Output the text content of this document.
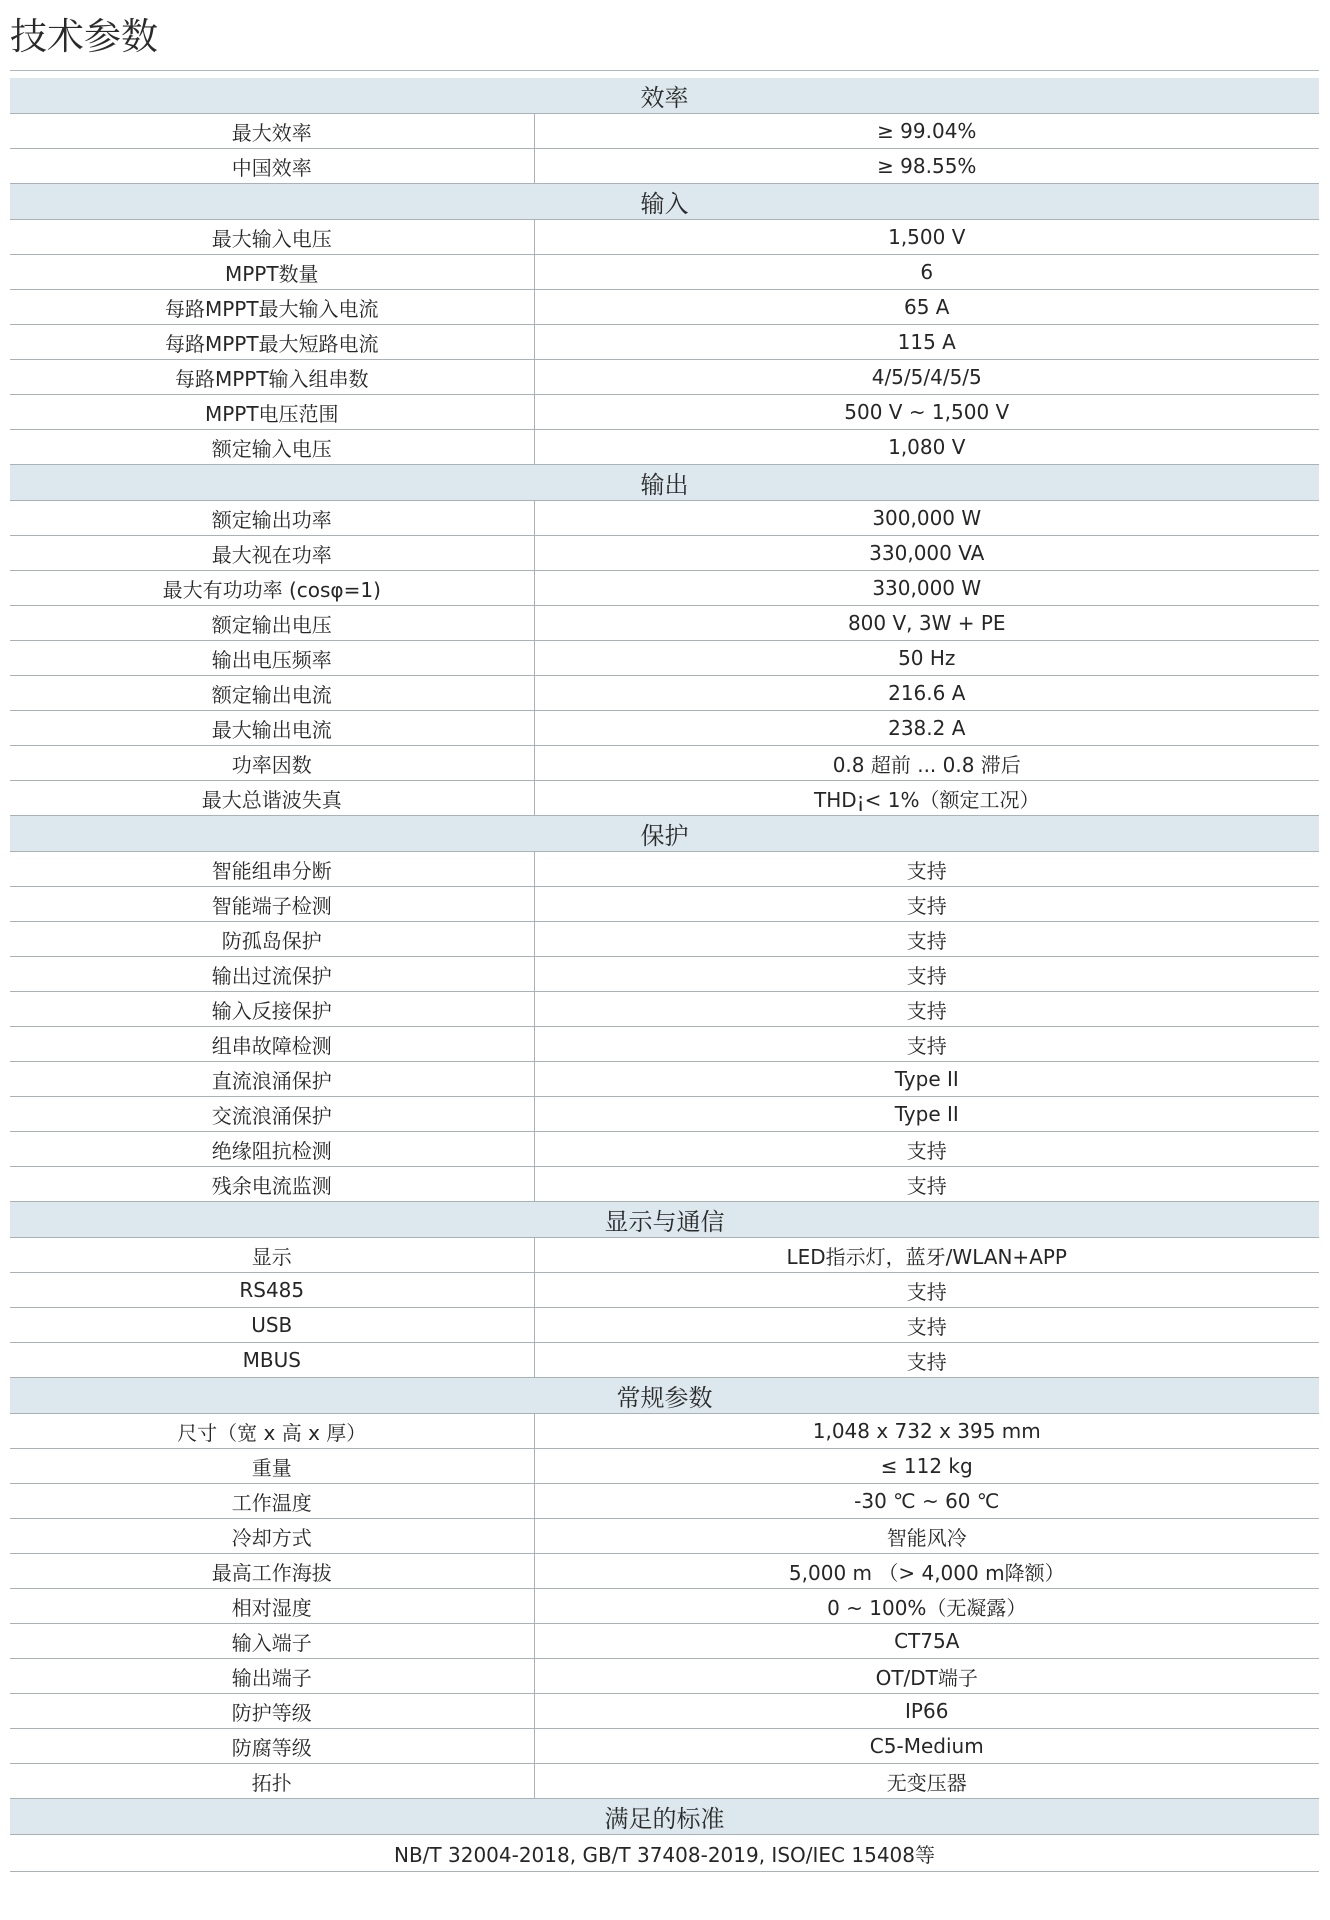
技术参数
效率	
最大效率	≥ 99.04%
中国效率	≥ 98.55%
输入	
最大输入电压	1,500 V
MPPT数量	6
每路MPPT最大输入电流	65 A
每路MPPT最大短路电流	115 A
每路MPPT输入组串数	4/5/5/4/5/5
MPPT电压范围	500 V ~ 1,500 V
额定输入电压	1,080 V
输出	
额定输出功率	300,000 W
最大视在功率	330,000 VA
最大有功功率 (cosφ=1)	330,000 W
额定输出电压	800 V, 3W + PE
输出电压频率	50 Hz
额定输出电流	216.6 A
最大输出电流	238.2 A
功率因数	0.8 超前 ... 0.8 滞后
最大总谐波失真	THD¡< 1%（额定工况）
保护	
智能组串分断	支持
智能端子检测	支持
防孤岛保护	支持
输出过流保护	支持
输入反接保护	支持
组串故障检测	支持
直流浪涌保护	Type II
交流浪涌保护	Type II
绝缘阻抗检测	支持
残余电流监测	支持
显示与通信	
显示	LED指示灯，蓝牙/WLAN+APP
RS485	支持
USB	支持
MBUS	支持
常规参数	
尺寸（宽 x 高 x 厚）	1,048 x 732 x 395 mm
重量	≤ 112 kg
工作温度	-30 ℃ ~ 60 ℃
冷却方式	智能风冷
最高工作海拔	5,000 m （> 4,000 m降额）
相对湿度	0 ~ 100%（无凝露）
输入端子	CT75A
输出端子	OT/DT端子
防护等级	IP66
防腐等级	C5-Medium
拓扑	无变压器
满足的标准	
NB/T 32004-2018, GB/T 37408-2019, ISO/IEC 15408等	
